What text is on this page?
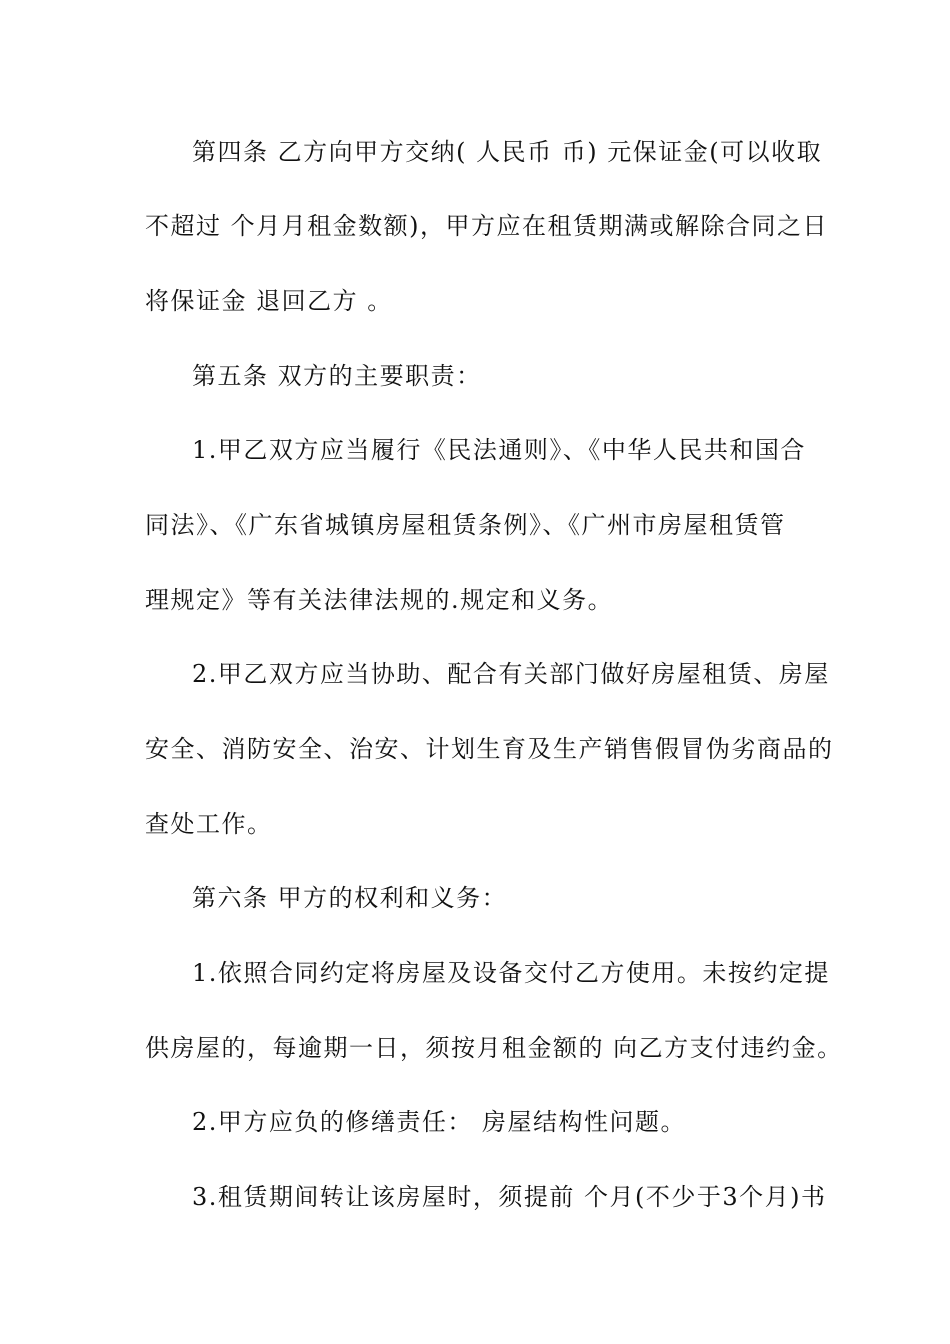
第四条 乙方向甲方交纳( 人民币 币) 元保证金(可以收取
不超过 个月月租金数额)，甲方应在租赁期满或解除合同之日
将保证金 退回乙方 。
第五条 双方的主要职责：
1.甲乙双方应当履行《民法通则》、《中华人民共和国合
同法》、《广东省城镇房屋租赁条例》、《广州市房屋租赁管
理规定》等有关法律法规的.规定和义务。
2.甲乙双方应当协助、配合有关部门做好房屋租赁、房屋
安全、消防安全、治安、计划生育及生产销售假冒伪劣商品的
查处工作。
第六条 甲方的权利和义务：
1.依照合同约定将房屋及设备交付乙方使用。未按约定提
供房屋的，每逾期一日，须按月租金额的 向乙方支付违约金。
2.甲方应负的修缮责任： 房屋结构性问题。
3.租赁期间转让该房屋时，须提前 个月(不少于3个月)书
